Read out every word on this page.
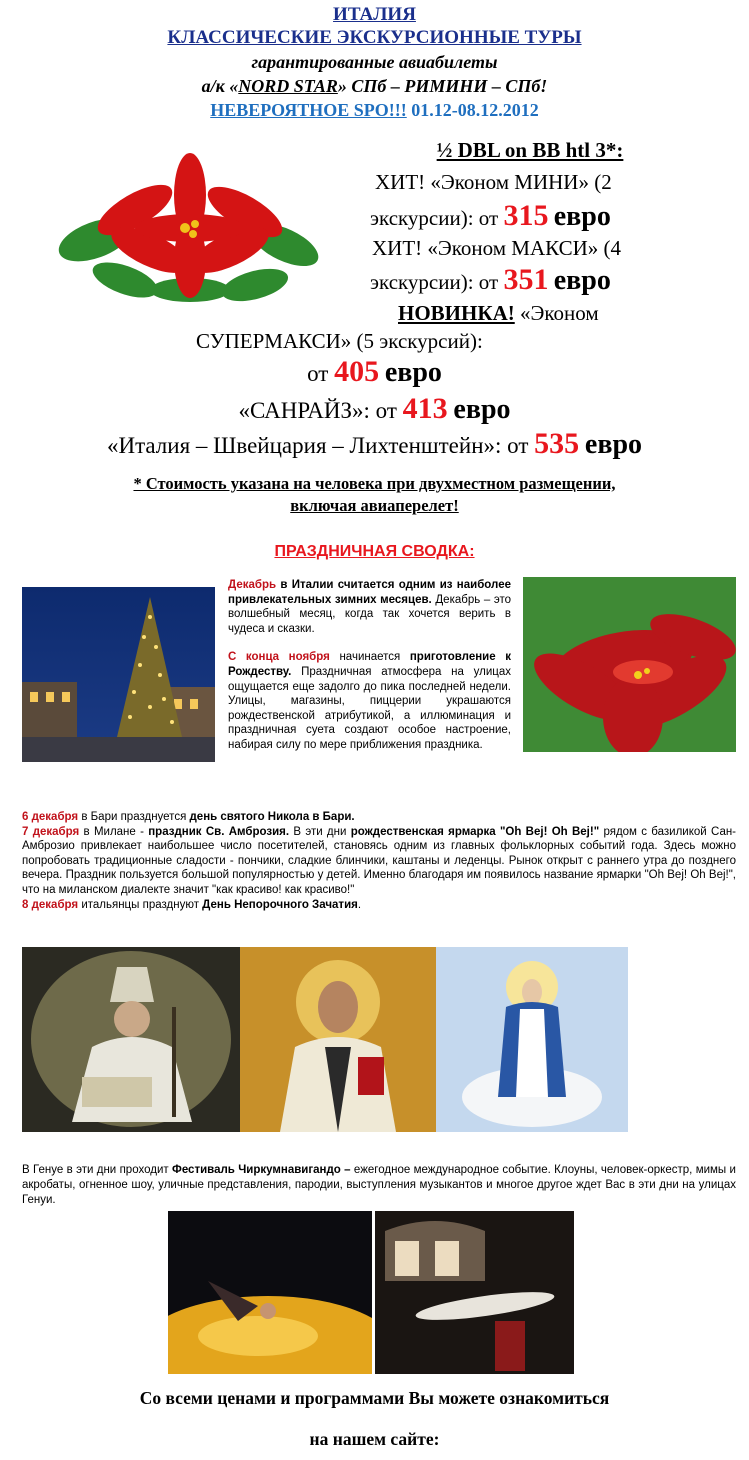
ИТАЛИЯ
КЛАССИЧЕСКИЕ ЭКСКУРСИОННЫЕ ТУРЫ
гарантированные авиабилеты
а/к «NORD STAR» СПб – РИМИНИ – СПб!
НЕВЕРОЯТНОЕ SPO!!! 01.12-08.12.2012
½ DBL on BB htl 3*:
ХИТ! «Эконом МИНИ» (2
экскурсии): от 315 евро
ХИТ! «Эконом МАКСИ» (4
экскурсии): от 351 евро
НОВИНКА! «Эконом
СУПЕРМАКСИ» (5 экскурсий):
от 405 евро
«САНРАЙЗ»: от 413 евро
«Италия – Швейцария – Лихтенштейн»: от 535 евро
* Стоимость указана на человека при двухместном размещении,
включая авиаперелет!
ПРАЗДНИЧНАЯ СВОДКА:

Декабрь в Италии считается одним из наиболее привлекательных зимних месяцев. Декабрь – это волшебный месяц, когда так хочется верить в чудеса и сказки.

С конца ноября начинается приготовление к Рождеству. Праздничная атмосфера на улицах ощущается еще задолго до пика последней недели. Улицы, магазины, пиццерии украшаются рождественской атрибутикой, а иллюминация и праздничная суета создают особое настроение, набирая силу по мере приближения праздника.

6 декабря в Бари празднуется день святого Никола в Бари.
7 декабря в Милане - праздник Св. Амброзия. В эти дни рождественская ярмарка "Oh Bej! Oh Bej!" рядом с базиликой Сан-Амброзио привлекает наибольшее число посетителей, становясь одним из главных фольклорных событий года. Здесь можно попробовать традиционные сладости - пончики, сладкие блинчики, каштаны и леденцы. Рынок открыт с раннего утра до позднего вечера. Праздник пользуется большой популярностью у детей. Именно благодаря им появилось название ярмарки "Oh Bej! Oh Bej!", что на миланском диалекте значит "как красиво! как красиво!"
8 декабря итальянцы празднуют День Непорочного Зачатия.
В Генуе в эти дни проходит Фестиваль Чиркумнавигандо – ежегодное международное событие. Клоуны, человек-оркестр, мимы и акробаты, огненное шоу, уличные представления, пародии, выступления музыкантов и многое другое ждет Вас в эти дни на улицах Генуи.
Со всеми ценами и программами Вы можете ознакомиться
на нашем сайте:
